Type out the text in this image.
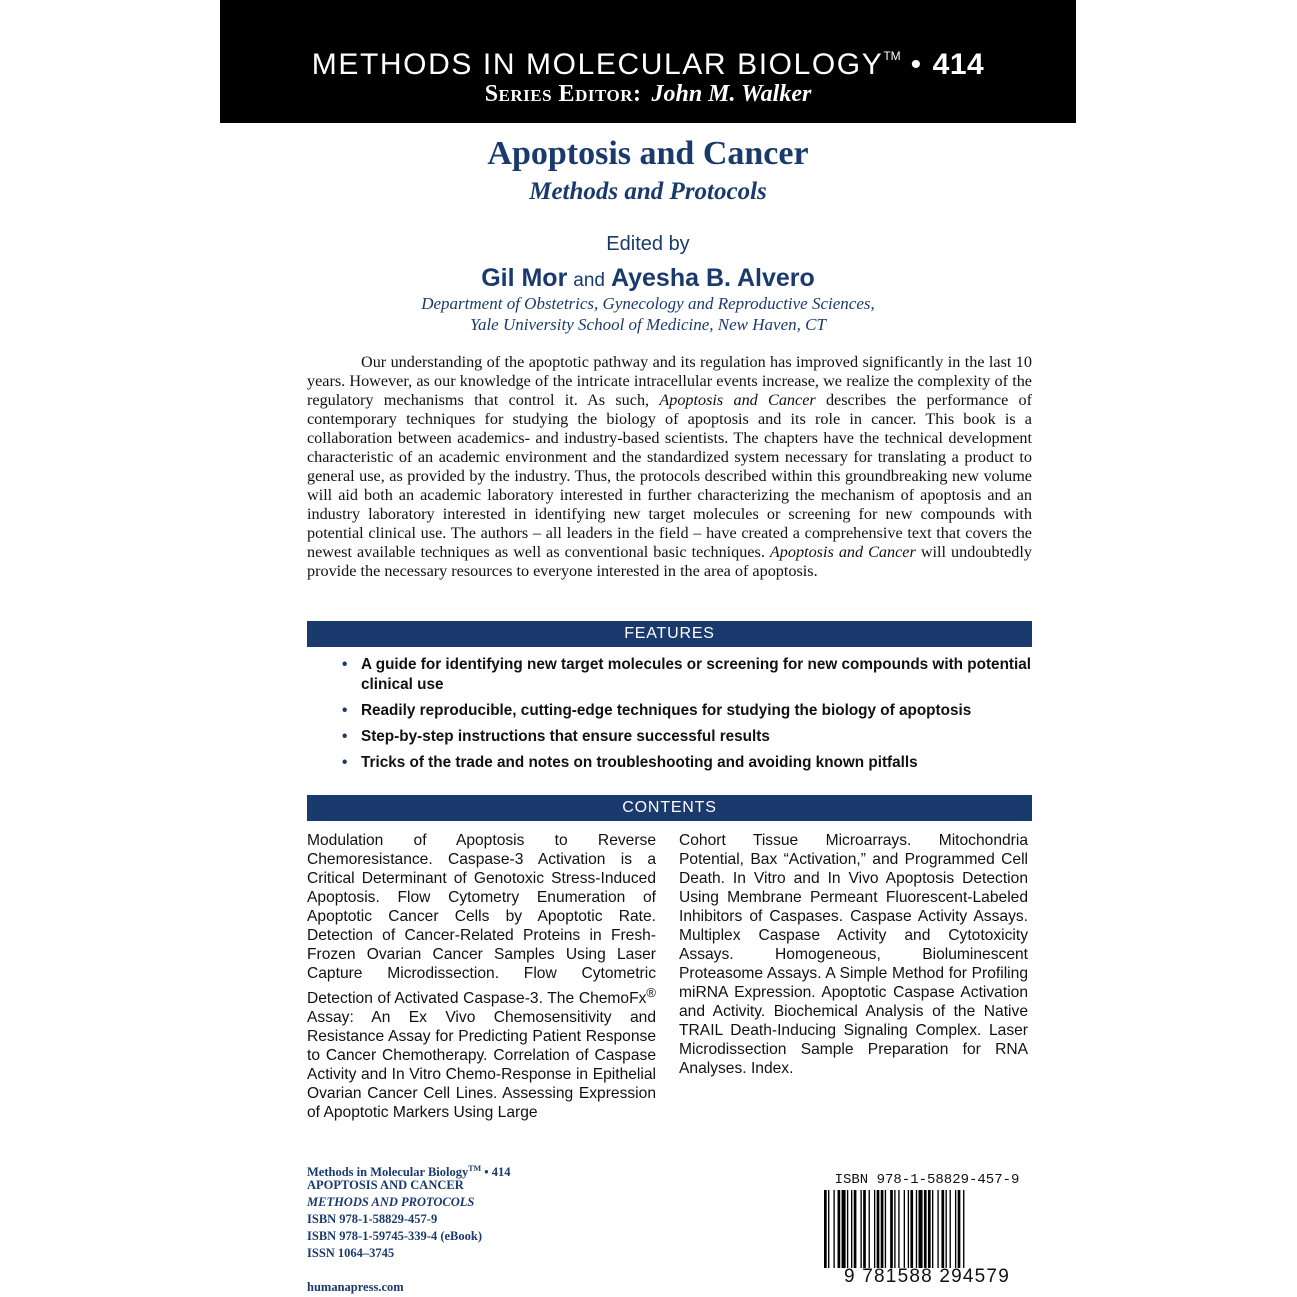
METHODS IN MOLECULAR BIOLOGY™ • 414
Series Editor: John M. Walker
Apoptosis and Cancer
Methods and Protocols
Edited by
Gil Mor and Ayesha B. Alvero
Department of Obstetrics, Gynecology and Reproductive Sciences,
Yale University School of Medicine, New Haven, CT

Our understanding of the apoptotic pathway and its regulation has improved significantly in the last 10 years. However, as our knowledge of the intricate intracellular events increase, we realize the complexity of the regulatory mechanisms that control it. As such, Apoptosis and Cancer describes the performance of contemporary techniques for studying the biology of apoptosis and its role in cancer. This book is a collaboration between academics- and industry-based scientists. The chapters have the technical development characteristic of an academic environment and the standardized system necessary for translating a product to general use, as provided by the industry. Thus, the protocols described within this groundbreaking new volume will aid both an academic laboratory interested in further characterizing the mechanism of apoptosis and an industry laboratory interested in identifying new target molecules or screening for new compounds with potential clinical use. The authors – all leaders in the field – have created a comprehensive text that covers the newest available techniques as well as conventional basic techniques. Apoptosis and Cancer will undoubtedly provide the necessary resources to everyone interested in the area of apoptosis.

FEATURES
• A guide for identifying new target molecules or screening for new compounds with potential clinical use
• Readily reproducible, cutting-edge techniques for studying the biology of apoptosis
• Step-by-step instructions that ensure successful results
• Tricks of the trade and notes on troubleshooting and avoiding known pitfalls
CONTENTS

Modulation of Apoptosis to Reverse Chemoresistance. Caspase-3 Activation is a Critical Determinant of Genotoxic Stress-Induced Apoptosis. Flow Cytometry Enumeration of Apoptotic Cancer Cells by Apoptotic Rate. Detection of Cancer-Related Proteins in Fresh-Frozen Ovarian Cancer Samples Using Laser Capture Microdissection. Flow Cytometric Detection of Activated Caspase-3. The ChemoFx® Assay: An Ex Vivo Chemosensitivity and Resistance Assay for Predicting Patient Response to Cancer Chemotherapy. Correlation of Caspase Activity and In Vitro Chemo-Response in Epithelial Ovarian Cancer Cell Lines. Assessing Expression of Apoptotic Markers Using Large

Cohort Tissue Microarrays. Mitochondria Potential, Bax “Activation,” and Programmed Cell Death. In Vitro and In Vivo Apoptosis Detection Using Membrane Permeant Fluorescent-Labeled Inhibitors of Caspases. Caspase Activity Assays. Multiplex Caspase Activity and Cytotoxicity Assays. Homogeneous, Bioluminescent Proteasome Assays. A Simple Method for Profiling miRNA Expression. Apoptotic Caspase Activation and Activity. Biochemical Analysis of the Native TRAIL Death-Inducing Signaling Complex. Laser Microdissection Sample Preparation for RNA Analyses. Index.

Methods in Molecular Biology™ • 414
APOPTOSIS AND CANCER
METHODS AND PROTOCOLS
ISBN 978-1-58829-457-9
ISBN 978-1-59745-339-4 (eBook)
ISSN 1064–3745
humanapress.com
ISBN 978-1-58829-457-9
9 781588 294579
